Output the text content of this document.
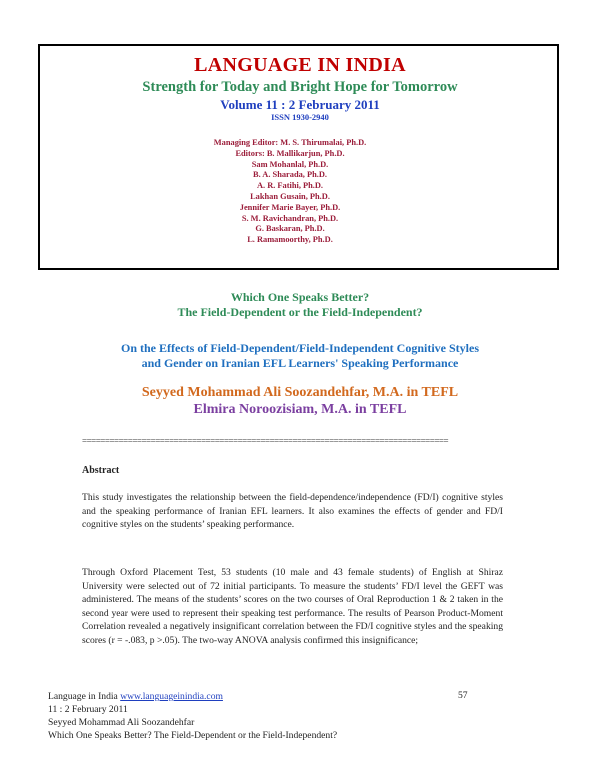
LANGUAGE IN INDIA
Strength for Today and Bright Hope for Tomorrow
Volume 11 : 2 February 2011
ISSN 1930-2940
Managing Editor: M. S. Thirumalai, Ph.D.
Editors: B. Mallikarjun, Ph.D.
Sam Mohanlal, Ph.D.
B. A. Sharada, Ph.D.
A. R. Fatihi, Ph.D.
Lakhan Gusain, Ph.D.
Jennifer Marie Bayer, Ph.D.
S. M. Ravichandran, Ph.D.
G. Baskaran, Ph.D.
L. Ramamoorthy, Ph.D.
Which One Speaks Better?
The Field-Dependent or the Field-Independent?
On the Effects of Field-Dependent/Field-Independent Cognitive Styles
and Gender on Iranian EFL Learners' Speaking Performance
Seyyed Mohammad Ali Soozandehfar, M.A. in TEFL
Elmira Noroozisiam, M.A. in TEFL
================================================================================
Abstract
This study investigates the relationship between the field-dependence/independence (FD/I) cognitive styles and the speaking performance of Iranian EFL learners. It also examines the effects of gender and FD/I cognitive styles on the students’ speaking performance.
Through Oxford Placement Test, 53 students (10 male and 43 female students) of English at Shiraz University were selected out of 72 initial participants. To measure the students’ FD/I level the GEFT was administered. The means of the students’ scores on the two courses of Oral Reproduction 1 & 2 taken in the second year were used to represent their speaking test performance. The results of Pearson Product-Moment Correlation revealed a negatively insignificant correlation between the FD/I cognitive styles and the speaking scores (r = -.083, p >.05). The two-way ANOVA analysis confirmed this insignificance;
Language in India www.languageinindia.com
11 : 2 February 2011
Seyyed Mohammad Ali Soozandehfar
Which One Speaks Better? The Field-Dependent or the Field-Independent?
57
